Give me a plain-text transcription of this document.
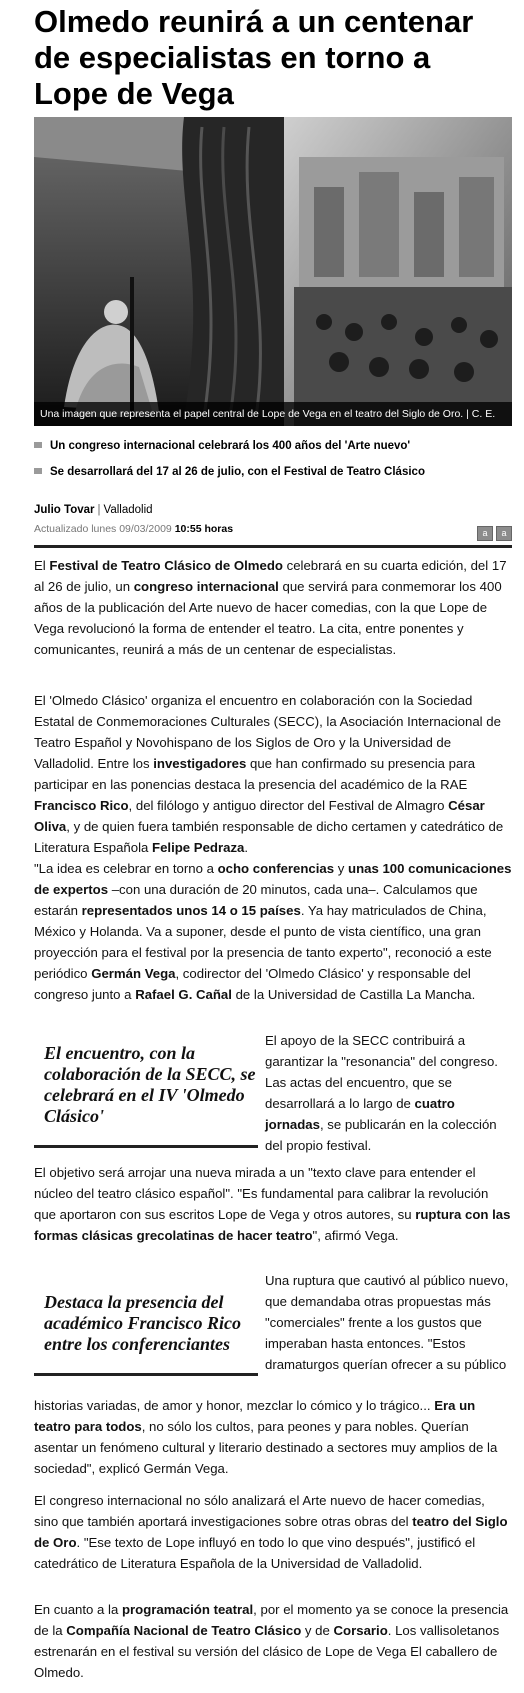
Olmedo reunirá a un centenar de especialistas en torno a Lope de Vega
Una imagen que representa el papel central de Lope de Vega en el teatro del Siglo de Oro. | C. E.
Un congreso internacional celebrará los 400 años del 'Arte nuevo'
Se desarrollará del 17 al 26 de julio, con el Festival de Teatro Clásico
Julio Tovar | Valladolid
Actualizado lunes 09/03/2009 10:55 horas	a a

El Festival de Teatro Clásico de Olmedo celebrará en su cuarta edición, del 17 al 26 de julio, un congreso internacional que servirá para conmemorar los 400 años de la publicación del Arte nuevo de hacer comedias, con la que Lope de Vega revolucionó la forma de entender el teatro. La cita, entre ponentes y comunicantes, reunirá a más de un centenar de especialistas.

El 'Olmedo Clásico' organiza el encuentro en colaboración con la Sociedad Estatal de Conmemoraciones Culturales (SECC), la Asociación Internacional de Teatro Español y Novohispano de los Siglos de Oro y la Universidad de Valladolid. Entre los investigadores que han confirmado su presencia para participar en las ponencias destaca la presencia del académico de la RAE Francisco Rico, del filólogo y antiguo director del Festival de Almagro César Oliva, y de quien fuera también responsable de dicho certamen y catedrático de Literatura Española Felipe Pedraza.

"La idea es celebrar en torno a ocho conferencias y unas 100 comunicaciones de expertos –con una duración de 20 minutos, cada una–. Calculamos que estarán representados unos 14 o 15 países. Ya hay matriculados de China, México y Holanda. Va a suponer, desde el punto de vista científico, una gran proyección para el festival por la presencia de tanto experto", reconoció a este periódico Germán Vega, codirector del 'Olmedo Clásico' y responsable del congreso junto a Rafael G. Cañal de la Universidad de Castilla La Mancha.

El encuentro, con la colaboración de la SECC, se celebrará en el IV 'Olmedo Clásico'

El apoyo de la SECC contribuirá a garantizar la "resonancia" del congreso. Las actas del encuentro, que se desarrollará a lo largo de cuatro jornadas, se publicarán en la colección del propio festival.

El objetivo será arrojar una nueva mirada a un "texto clave para entender el núcleo del teatro clásico español". "Es fundamental para calibrar la revolución que aportaron con sus escritos Lope de Vega y otros autores, su ruptura con las formas clásicas grecolatinas de hacer teatro", afirmó Vega.

Destaca la presencia del académico Francisco Rico entre los conferenciantes

Una ruptura que cautivó al público nuevo, que demandaba otras propuestas más "comerciales" frente a los gustos que imperaban hasta entonces. "Estos dramaturgos querían ofrecer a su público

historias variadas, de amor y honor, mezclar lo cómico y lo trágico... Era un teatro para todos, no sólo los cultos, para peones y para nobles. Querían asentar un fenómeno cultural y literario destinado a sectores muy amplios de la sociedad", explicó Germán Vega.

El congreso internacional no sólo analizará el Arte nuevo de hacer comedias, sino que también aportará investigaciones sobre otras obras del teatro del Siglo de Oro. "Ese texto de Lope influyó en todo lo que vino después", justificó el catedrático de Literatura Española de la Universidad de Valladolid.

En cuanto a la programación teatral, por el momento ya se conoce la presencia de la Compañía Nacional de Teatro Clásico y de Corsario. Los vallisoletanos estrenarán en el festival su versión del clásico de Lope de Vega El caballero de Olmedo.
